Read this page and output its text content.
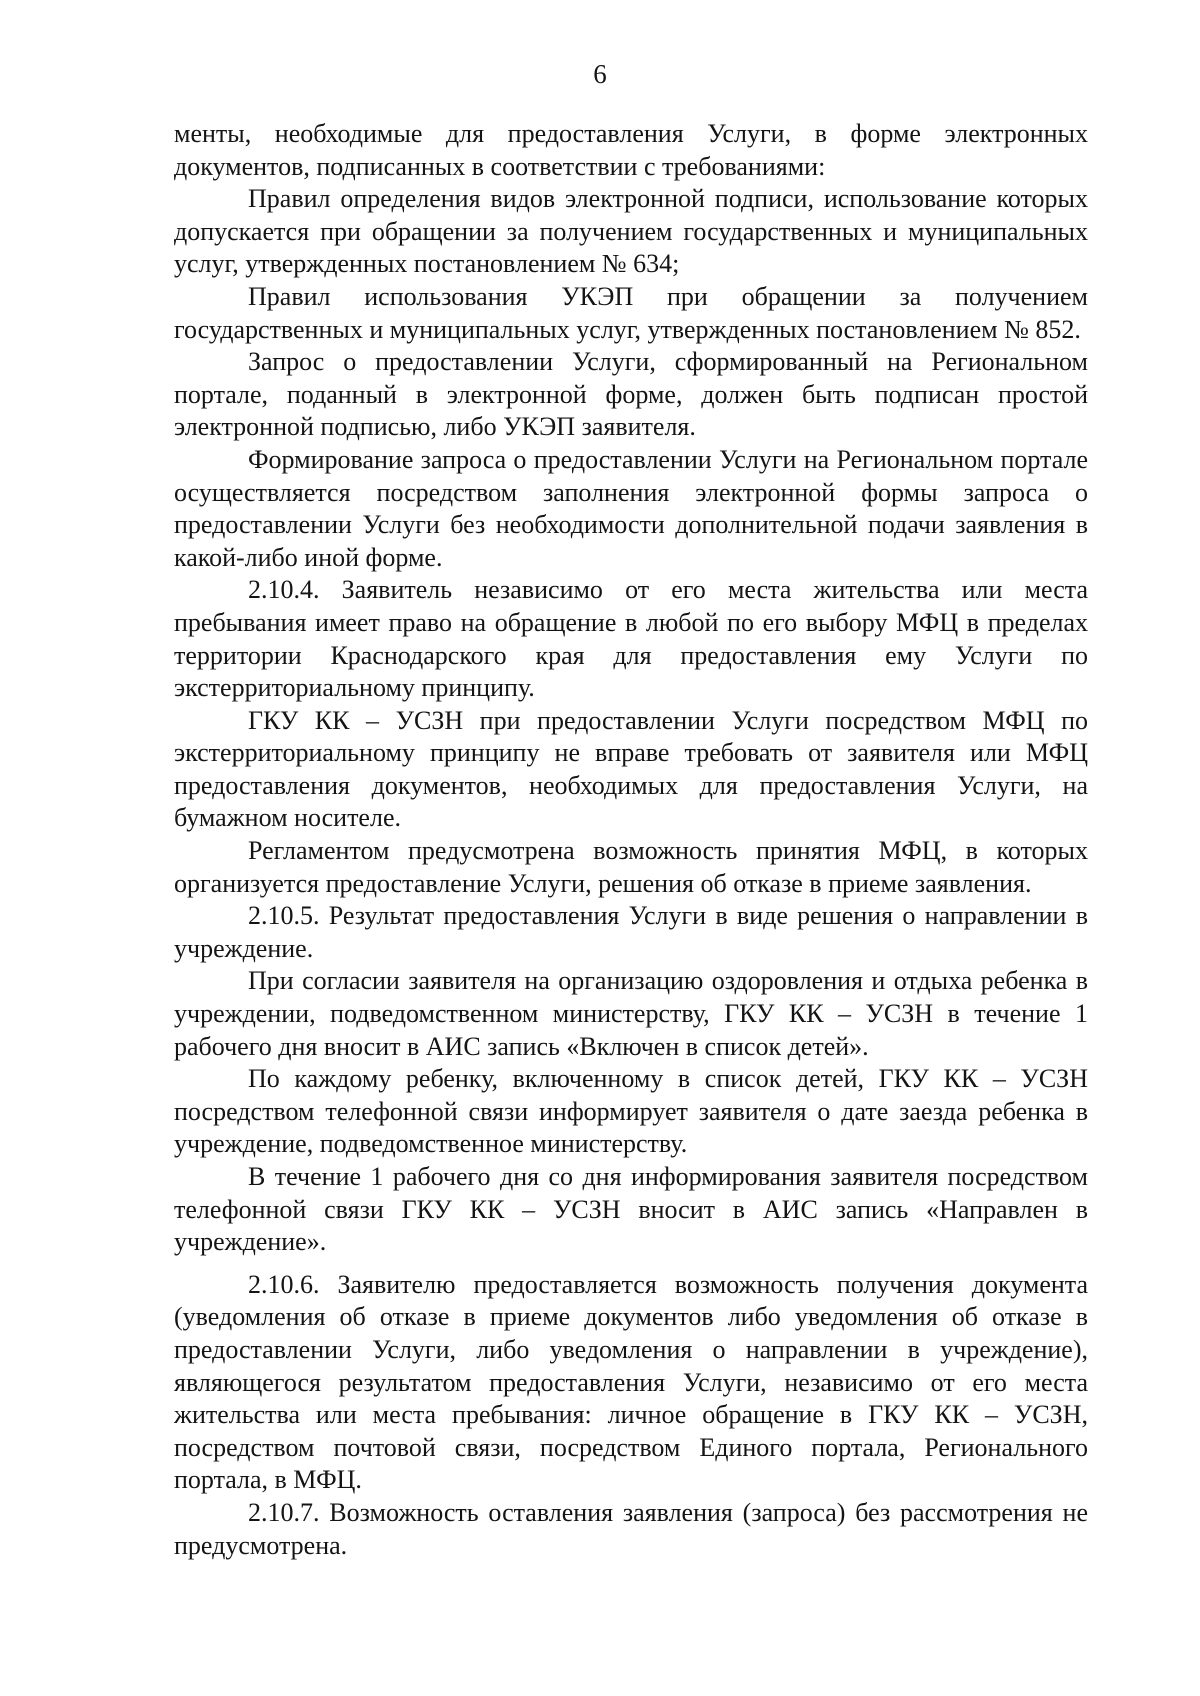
6

менты, необходимые для предоставления Услуги, в форме электронных документов, подписанных в соответствии с требованиями:

Правил определения видов электронной подписи, использование которых допускается при обращении за получением государственных и муниципальных услуг, утвержденных постановлением № 634;

Правил использования УКЭП при обращении за получением государственных и муниципальных услуг, утвержденных постановлением № 852.

Запрос о предоставлении Услуги, сформированный на Региональном портале, поданный в электронной форме, должен быть подписан простой электронной подписью, либо УКЭП заявителя.

Формирование запроса о предоставлении Услуги на Региональном портале осуществляется посредством заполнения электронной формы запроса о предоставлении Услуги без необходимости дополнительной подачи заявления в какой-либо иной форме.

2.10.4. Заявитель независимо от его места жительства или места пребывания имеет право на обращение в любой по его выбору МФЦ в пределах территории Краснодарского края для предоставления ему Услуги по экстерриториальному принципу.

ГКУ КК – УСЗН при предоставлении Услуги посредством МФЦ по экстерриториальному принципу не вправе требовать от заявителя или МФЦ предоставления документов, необходимых для предоставления Услуги, на бумажном носителе.

Регламентом предусмотрена возможность принятия МФЦ, в которых организуется предоставление Услуги, решения об отказе в приеме заявления.

2.10.5. Результат предоставления Услуги в виде решения о направлении в учреждение.

При согласии заявителя на организацию оздоровления и отдыха ребенка в учреждении, подведомственном министерству, ГКУ КК – УСЗН в течение 1 рабочего дня вносит в АИС запись «Включен в список детей».

По каждому ребенку, включенному в список детей, ГКУ КК – УСЗН посредством телефонной связи информирует заявителя о дате заезда ребенка в учреждение, подведомственное министерству.

В течение 1 рабочего дня со дня информирования заявителя посредством телефонной связи ГКУ КК – УСЗН вносит в АИС запись «Направлен в учреждение».

2.10.6. Заявителю предоставляется возможность получения документа (уведомления об отказе в приеме документов либо уведомления об отказе в предоставлении Услуги, либо уведомления о направлении в учреждение), являющегося результатом предоставления Услуги, независимо от его места жительства или места пребывания: личное обращение в ГКУ КК – УСЗН, посредством почтовой связи, посредством Единого портала, Регионального портала, в МФЦ.

2.10.7. Возможность оставления заявления (запроса) без рассмотрения не предусмотрена.
